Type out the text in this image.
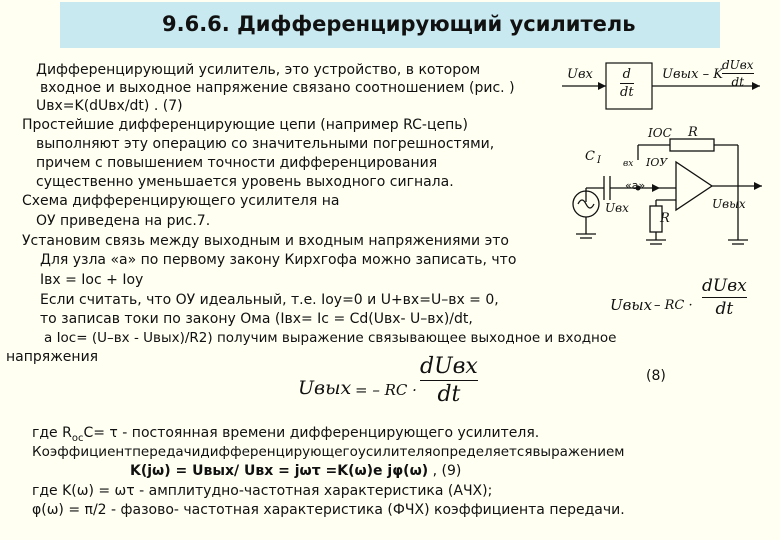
9.6.6. Дифференцирующий усилитель
Дифференцирующий усилитель, это устройство, в котором
входное и выходное напряжение связано соотношением (рис. )
Uвх=K(dUвх/dt) . (7)
Простейшие дифференцирующие цепи (например RC-цепь)
выполняют эту операцию со значительными погрешностями,
причем с повышением точности дифференцирования
существенно уменьшается уровень выходного сигнала.
Схема дифференцирующего усилителя на
ОУ приведена на рис.7.
Установим связь между выходным и входным напряжениями это
Для узла «а» по первому закону Кирхгофа можно записать, что
Iвх = Iос + Iоу
Если считать, что ОУ идеальный, т.е. Iоу=0 и U+вх=U–вх = 0,
то записав токи по закону Ома (Iвх= Iс = Cd(Uвх- U–вх)/dt,
а Iос= (U–вх - Uвых)/R2) получим выражение связывающее выходное и входное
напряжения
(8)
где $R_{ос}C= \tau$ - постоянная времени дифференцирующего усилителя.
Коэффициентпередачидифференцирующегоусилителяопределяетсявыражением
K(jω) = Uвых/ Uвх = jωτ =K(ω)e jφ(ω) , (9)
где K(ω) = ωτ - амплитудно-частотная характеристика (АЧХ);
φ(ω) = π/2 - фазово- частотная характеристика (ФЧХ) коэффициента передачи.
Uвх d
dt
Uвых – K
dUвх
dt
IOC R
C I вх IOУ
«a»
Uвх	Uвых
R
Uвых – RC ·
dUвх
dt
Uвых = – RC ·
dUвх
dt
